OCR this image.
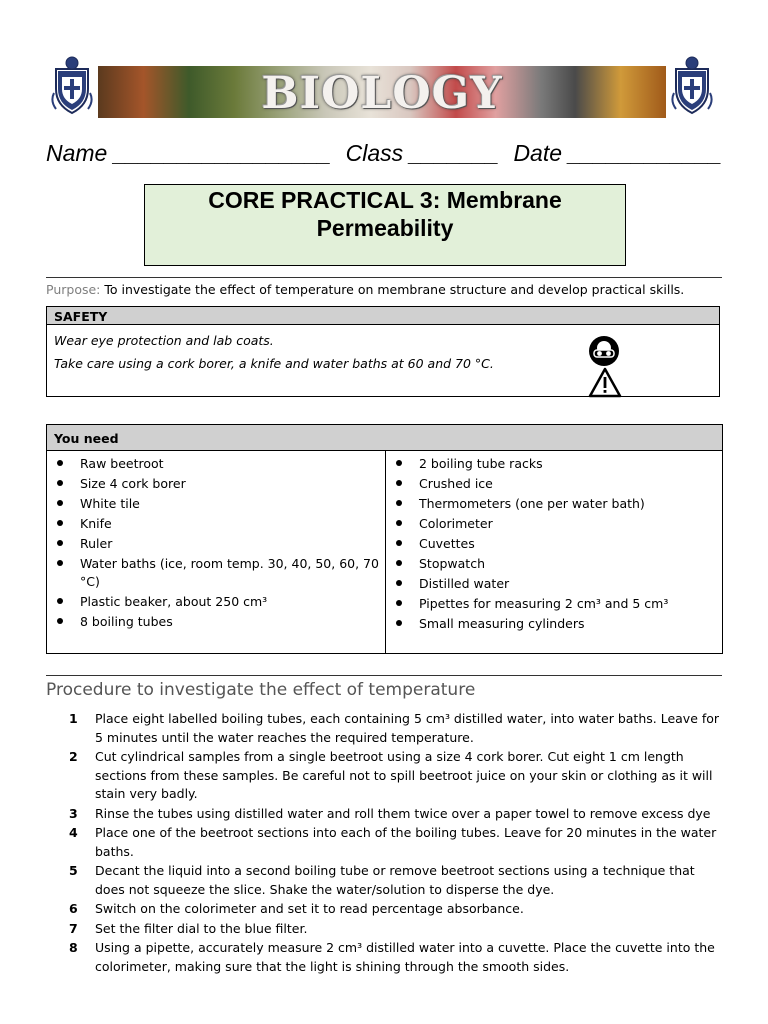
BIOLOGY
Name _________________ Class _______ Date ____________
CORE PRACTICAL 3: Membrane
Permeability
Purpose: To investigate the effect of temperature on membrane structure and develop practical skills.
SAFETY
Wear eye protection and lab coats.
Take care using a cork borer, a knife and water baths at 60 and 70 °C.
You need
Raw beetroot
Size 4 cork borer
White tile
Knife
Ruler
Water baths (ice, room temp. 30, 40, 50, 60, 70 °C)
Plastic beaker, about 250 cm³
8 boiling tubes
2 boiling tube racks
Crushed ice
Thermometers (one per water bath)
Colorimeter
Cuvettes
Stopwatch
Distilled water
Pipettes for measuring 2 cm³ and 5 cm³
Small measuring cylinders
Procedure to investigate the effect of temperature
1 Place eight labelled boiling tubes, each containing 5 cm³ distilled water, into water baths. Leave for 5 minutes until the water reaches the required temperature.
2 Cut cylindrical samples from a single beetroot using a size 4 cork borer. Cut eight 1 cm length sections from these samples. Be careful not to spill beetroot juice on your skin or clothing as it will stain very badly.
3 Rinse the tubes using distilled water and roll them twice over a paper towel to remove excess dye
4 Place one of the beetroot sections into each of the boiling tubes. Leave for 20 minutes in the water baths.
5 Decant the liquid into a second boiling tube or remove beetroot sections using a technique that does not squeeze the slice. Shake the water/solution to disperse the dye.
6 Switch on the colorimeter and set it to read percentage absorbance.
7 Set the filter dial to the blue filter.
8 Using a pipette, accurately measure 2 cm³ distilled water into a cuvette. Place the cuvette into the colorimeter, making sure that the light is shining through the smooth sides.
